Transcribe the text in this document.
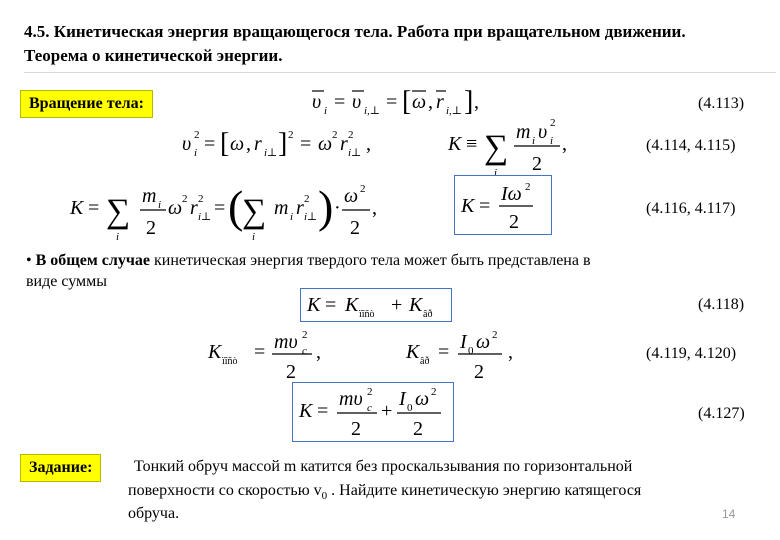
4.5. Кинетическая энергия вращающегося тела. Работа при вращательном движении. Теорема о кинетической энергии.
Вращение тела:	υ i = υ i,⊥ = [ ω , r i,⊥ ] ,	(4.113)
υ 2
i = [ ω , r i⊥ ] 2 = ω 2 r 2
i⊥ ,	K ≡ ∑
i
m i υ 2
i
2
,	(4.114, 4.115)
K = ∑
i
m i
2
ω 2 r 2
i⊥ = (
∑
i
m i r 2
i⊥ ) ·
ω 2
2
,	K =
Iω 2
2
(4.116, 4.117)
• В общем случае кинетическая энергия твердого тела может быть представлена в
виде суммы
K = K ïîñò + K âð
(4.118)
K ïîñò = mυ 2
c
2
,	K âð = I 0 ω 2
2
,	(4.119, 4.120)
K =
mυ 2
c
2
+
I 0 ω 2
2
(4.127)
Задание:	Тонкий обруч массой m катится без проскальзывания по горизонтальной
поверхности со скоростью $v_0$ . Найдите кинетическую энергию катящегося
обруча.	14
